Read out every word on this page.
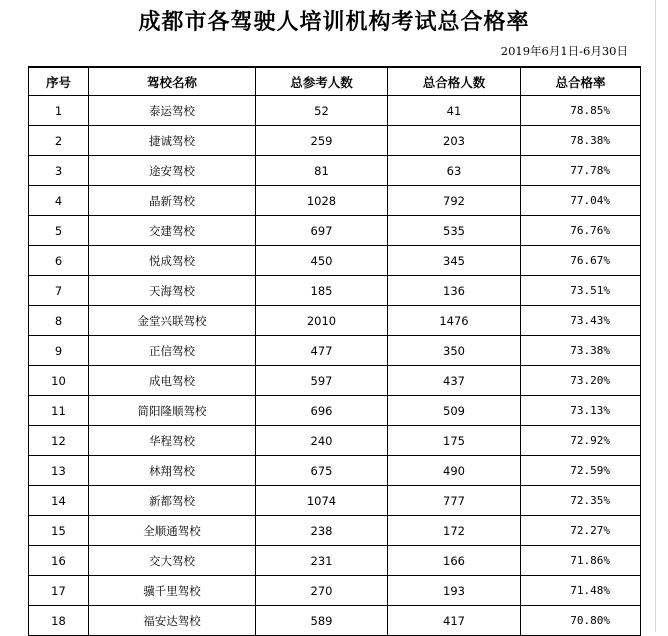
成都市各驾驶人培训机构考试总合格率
2019年6月1日-6月30日
序号	驾校名称	总参考人数	总合格人数	总合格率
1	泰运驾校	52	41	78.85%
2	捷诚驾校	259	203	78.38%
3	途安驾校	81	63	77.78%
4	晶新驾校	1028	792	77.04%
5	交建驾校	697	535	76.76%
6	悦成驾校	450	345	76.67%
7	天海驾校	185	136	73.51%
8	金堂兴联驾校	2010	1476	73.43%
9	正信驾校	477	350	73.38%
10	成电驾校	597	437	73.20%
11	简阳隆顺驾校	696	509	73.13%
12	华程驾校	240	175	72.92%
13	林翔驾校	675	490	72.59%
14	新都驾校	1074	777	72.35%
15	全顺通驾校	238	172	72.27%
16	交大驾校	231	166	71.86%
17	骥千里驾校	270	193	71.48%
18	福安达驾校	589	417	70.80%
